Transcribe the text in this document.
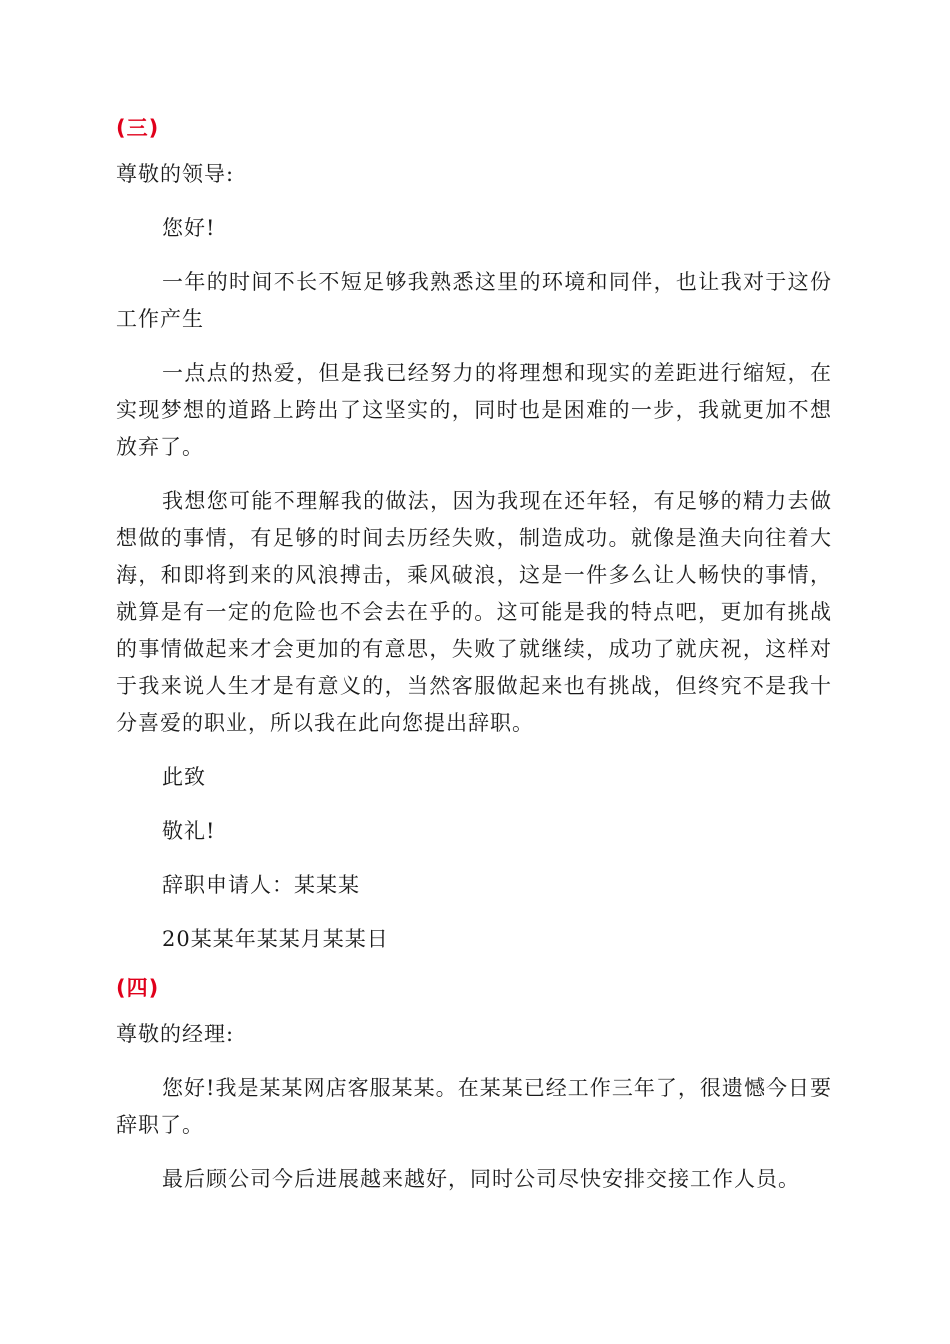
(三)

尊敬的领导:

您好!

一年的时间不长不短足够我熟悉这里的环境和同伴，也让我对于这份工作产生

一点点的热爱，但是我已经努力的将理想和现实的差距进行缩短，在实现梦想的道路上跨出了这坚实的，同时也是困难的一步，我就更加不想放弃了。

我想您可能不理解我的做法，因为我现在还年轻，有足够的精力去做想做的事情，有足够的时间去历经失败，制造成功。就像是渔夫向往着大海，和即将到来的风浪搏击，乘风破浪，这是一件多么让人畅快的事情，就算是有一定的危险也不会去在乎的。这可能是我的特点吧，更加有挑战的事情做起来才会更加的有意思，失败了就继续，成功了就庆祝，这样对于我来说人生才是有意义的，当然客服做起来也有挑战，但终究不是我十分喜爱的职业，所以我在此向您提出辞职。

此致

敬礼!

辞职申请人：某某某

20某某年某某月某某日

(四)

尊敬的经理:

您好!我是某某网店客服某某。在某某已经工作三年了，很遗憾今日要辞职了。

最后顾公司今后进展越来越好，同时公司尽快安排交接工作人员。
